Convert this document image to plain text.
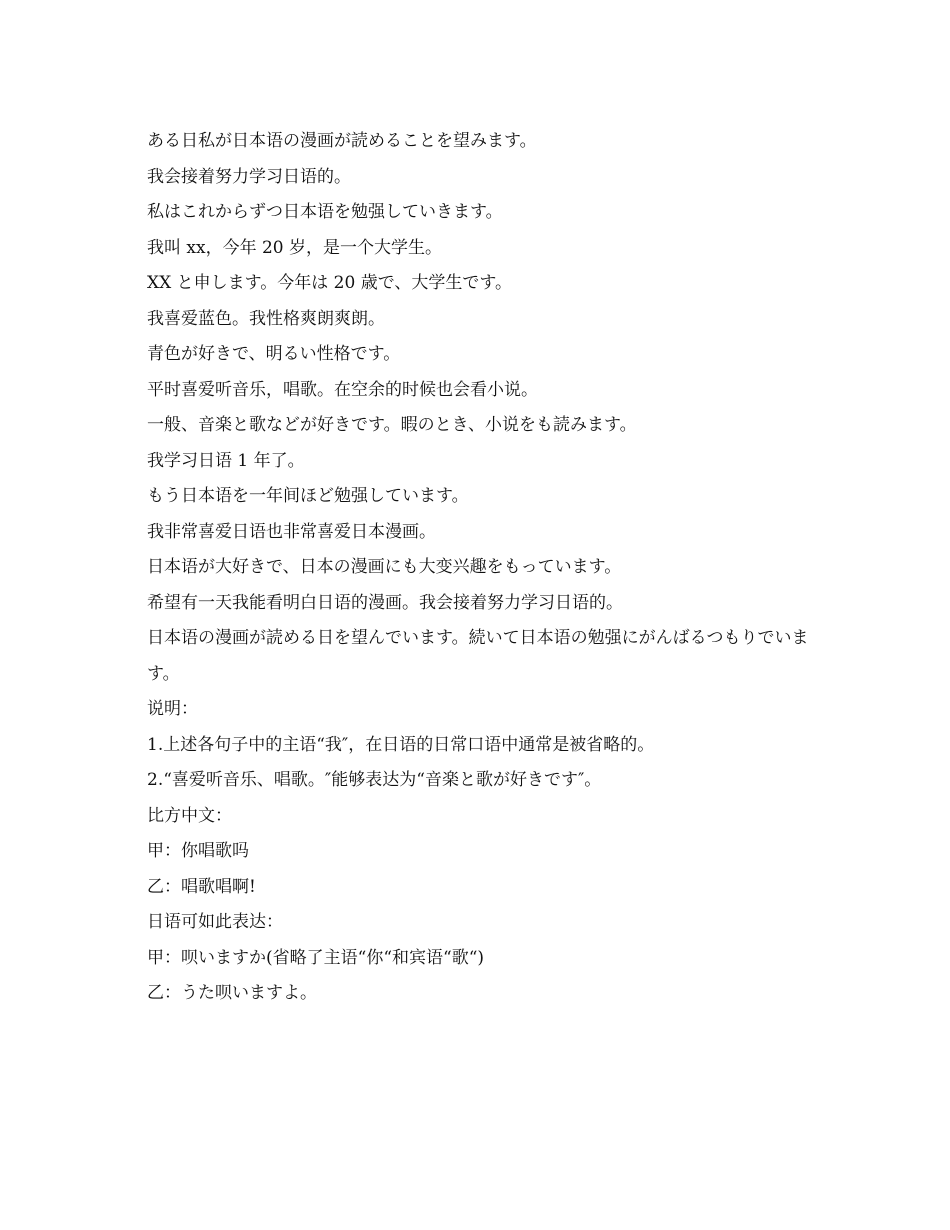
ある日私が日本语の漫画が読めることを望みます。

我会接着努力学习日语的。

私はこれからずつ日本语を勉强していきます。

我叫 xx，今年 20 岁，是一个大学生。

XX と申します。今年は 20 歳で、大学生です。

我喜爱蓝色。我性格爽朗爽朗。

青色が好きで、明るい性格です。

平时喜爱听音乐，唱歌。在空余的时候也会看小说。

一般、音楽と歌などが好きです。暇のとき、小说をも読みます。

我学习日语 1 年了。

もう日本语を一年间ほど勉强しています。

我非常喜爱日语也非常喜爱日本漫画。

日本语が大好きで、日本の漫画にも大变兴趣をもっています。

希望有一天我能看明白日语的漫画。我会接着努力学习日语的。

日本语の漫画が読める日を望んでいます。続いて日本语の勉强にがんばるつもりでいます。

说明：

1.上述各句子中的主语“我″，在日语的日常口语中通常是被省略的。

2.“喜爱听音乐、唱歌。″能够表达为“音楽と歌が好きです″。

比方中文：

甲：你唱歌吗

乙：唱歌唱啊!

日语可如此表达：

甲：呗いますか(省略了主语“你“和宾语“歌“)

乙：うた呗いますよ。
